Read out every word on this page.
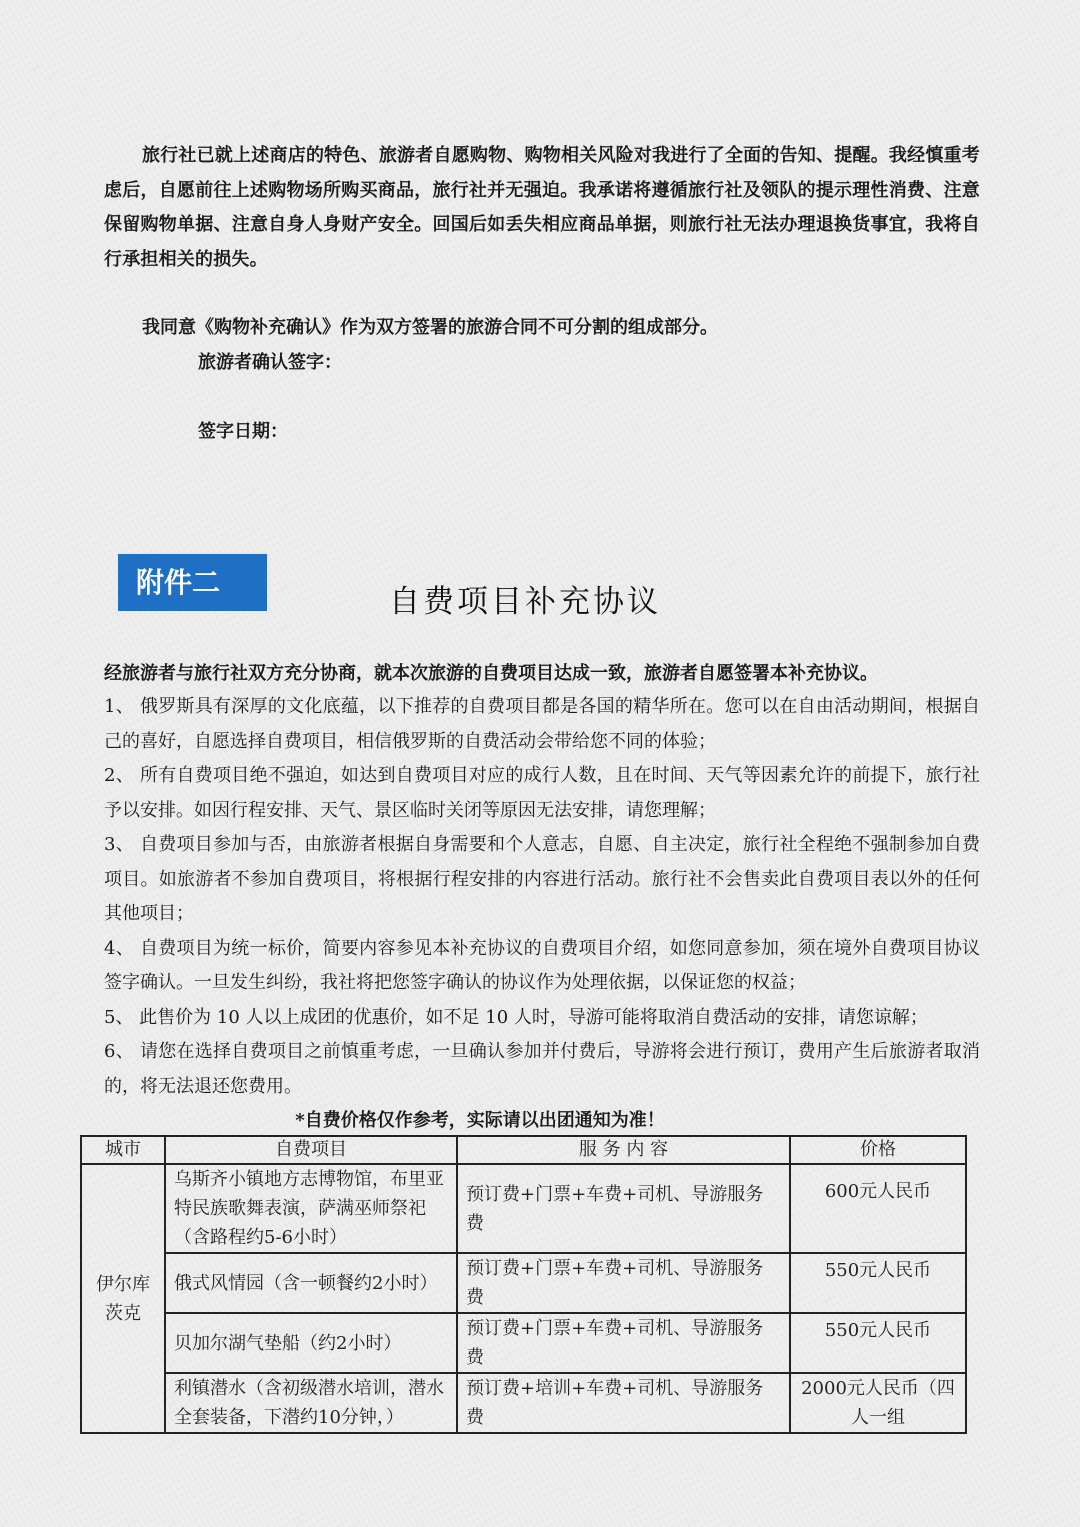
旅行社已就上述商店的特色、旅游者自愿购物、购物相关风险对我进行了全面的告知、提醒。我经慎重考虑后，自愿前往上述购物场所购买商品，旅行社并无强迫。我承诺将遵循旅行社及领队的提示理性消费、注意保留购物单据、注意自身人身财产安全。回国后如丢失相应商品单据，则旅行社无法办理退换货事宜，我将自行承担相关的损失。
我同意《购物补充确认》作为双方签署的旅游合同不可分割的组成部分。
旅游者确认签字：
签字日期：
附件二
自费项目补充协议
经旅游者与旅行社双方充分协商，就本次旅游的自费项目达成一致，旅游者自愿签署本补充协议。

1、 俄罗斯具有深厚的文化底蕴，以下推荐的自费项目都是各国的精华所在。您可以在自由活动期间，根据自己的喜好，自愿选择自费项目，相信俄罗斯的自费活动会带给您不同的体验；

2、 所有自费项目绝不强迫，如达到自费项目对应的成行人数，且在时间、天气等因素允许的前提下，旅行社予以安排。如因行程安排、天气、景区临时关闭等原因无法安排，请您理解；

3、 自费项目参加与否，由旅游者根据自身需要和个人意志，自愿、自主决定，旅行社全程绝不强制参加自费项目。如旅游者不参加自费项目，将根据行程安排的内容进行活动。旅行社不会售卖此自费项目表以外的任何其他项目；

4、 自费项目为统一标价，简要内容参见本补充协议的自费项目介绍，如您同意参加，须在境外自费项目协议签字确认。一旦发生纠纷，我社将把您签字确认的协议作为处理依据，以保证您的权益；

5、 此售价为 10 人以上成团的优惠价，如不足 10 人时，导游可能将取消自费活动的安排，请您谅解；

6、 请您在选择自费项目之前慎重考虑，一旦确认参加并付费后，导游将会进行预订，费用产生后旅游者取消的，将无法退还您费用。

*自费价格仅作参考，实际请以出团通知为准！
城市	自费项目	服 务 内 容	价格
伊尔库茨克	乌斯齐小镇地方志博物馆，布里亚特民族歌舞表演，萨满巫师祭祀（含路程约5-6小时）	预订费+门票+车费+司机、导游服务费	600元人民币
	俄式风情园（含一顿餐约2小时）	预订费+门票+车费+司机、导游服务费	550元人民币
	贝加尔湖气垫船（约2小时）	预订费+门票+车费+司机、导游服务费	550元人民币
	利镇潜水（含初级潜水培训，潜水全套装备，下潜约10分钟，）	预订费+培训+车费+司机、导游服务费	2000元人民币（四人一组
